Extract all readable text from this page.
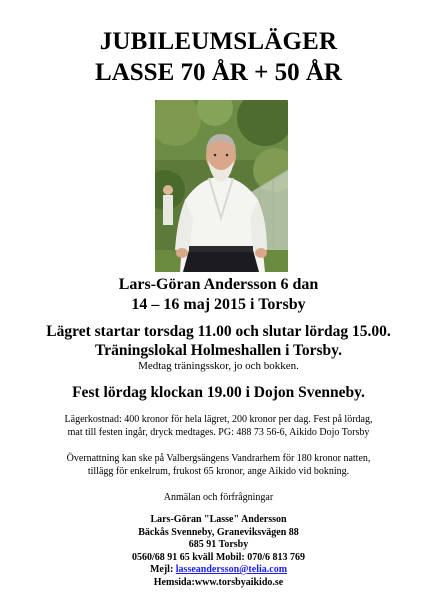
JUBILEUMSLÄGER
LASSE 70 ÅR + 50 ÅR
Lars-Göran Andersson 6 dan
14 – 16 maj 2015 i Torsby
Lägret startar torsdag 11.00 och slutar lördag 15.00.
Träningslokal Holmeshallen i Torsby.
Medtag träningsskor, jo och bokken.
Fest lördag klockan 19.00 i Dojon Svenneby.
Lägerkostnad: 400 kronor för hela lägret, 200 kronor per dag. Fest på lördag,
mat till festen ingår, dryck medtages. PG: 488 73 56-6, Aikido Dojo Torsby
Övernattning kan ske på Valbergsängens Vandrarhem för 180 kronor natten,
tillägg för enkelrum, frukost 65 kronor, ange Aikido vid bokning.
Anmälan och förfrågningar
Lars-Göran "Lasse" Andersson
Bäckås Svenneby, Graneviksvägen 88
685 91 Torsby
0560/68 91 65 kväll Mobil: 070/6 813 769
Mejl: lasseandersson@telia.com
Hemsida:www.torsbyaikido.se
